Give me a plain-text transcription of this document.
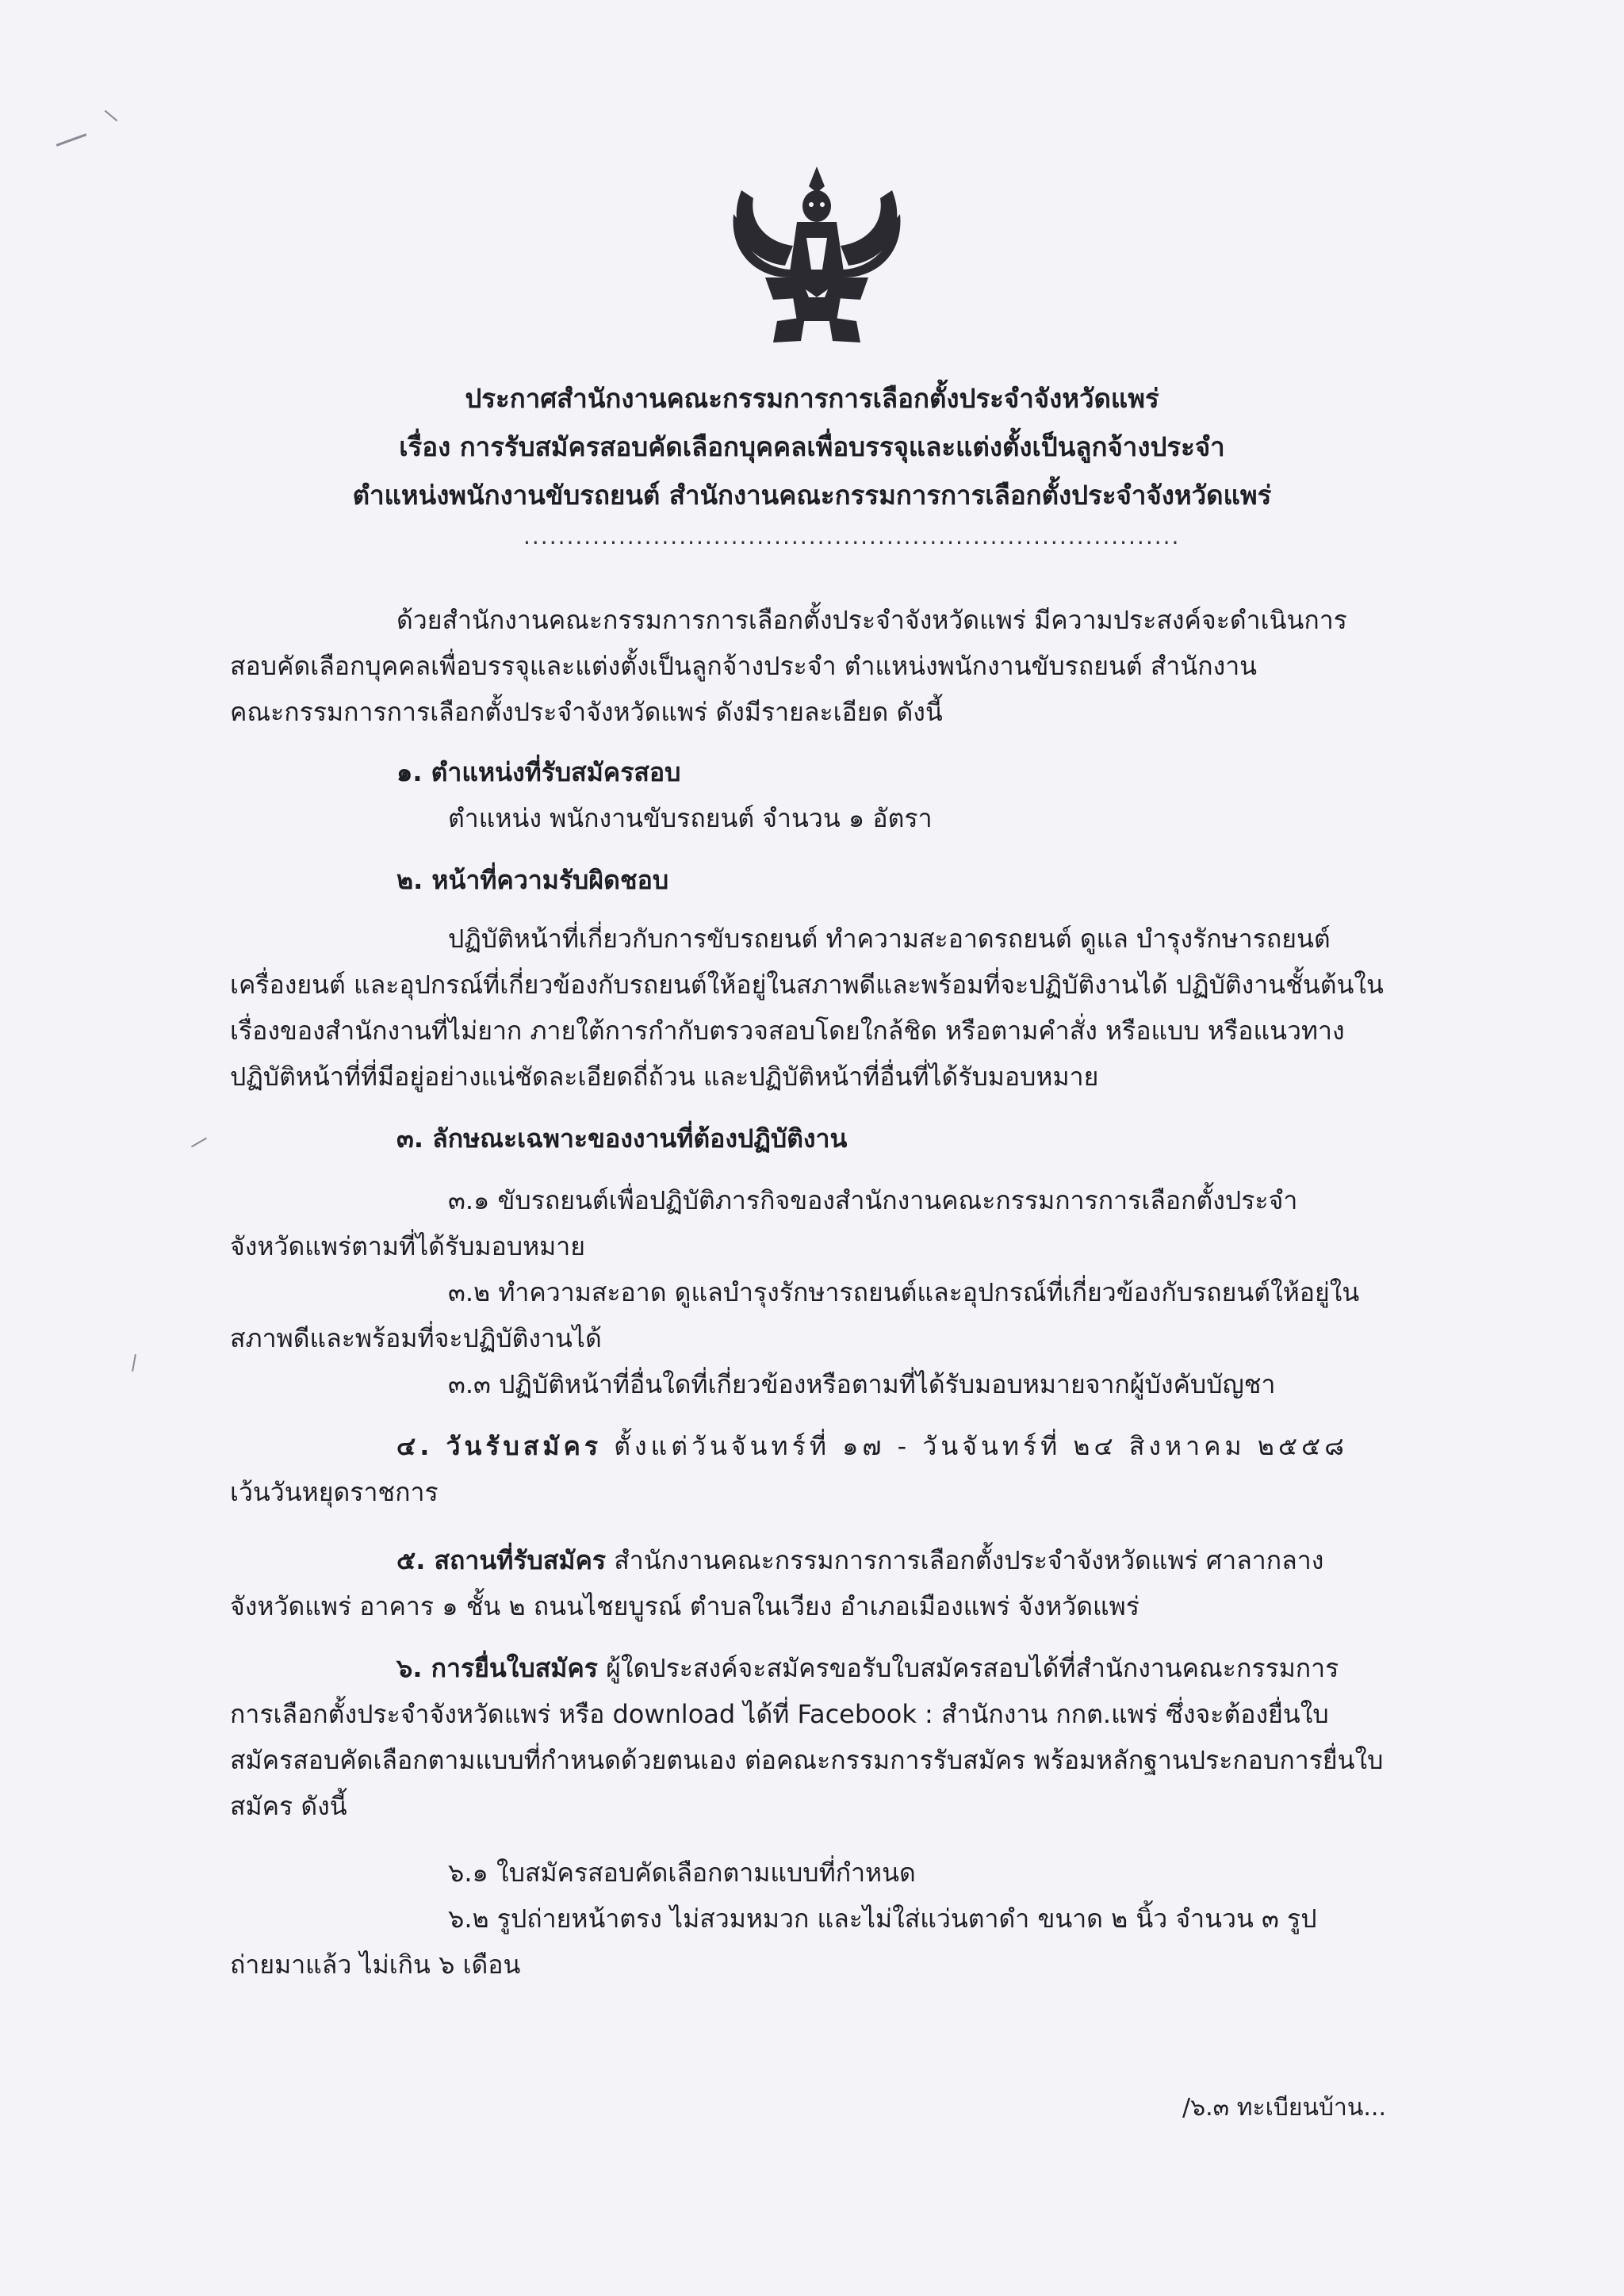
ประกาศสำนักงานคณะกรรมการการเลือกตั้งประจำจังหวัดแพร่
เรื่อง การรับสมัครสอบคัดเลือกบุคคลเพื่อบรรจุและแต่งตั้งเป็นลูกจ้างประจำ
ตำแหน่งพนักงานขับรถยนต์ สำนักงานคณะกรรมการการเลือกตั้งประจำจังหวัดแพร่
............................................................................
ด้วยสำนักงานคณะกรรมการการเลือกตั้งประจำจังหวัดแพร่ มีความประสงค์จะดำเนินการ
สอบคัดเลือกบุคคลเพื่อบรรจุและแต่งตั้งเป็นลูกจ้างประจำ ตำแหน่งพนักงานขับรถยนต์ สำนักงาน
คณะกรรมการการเลือกตั้งประจำจังหวัดแพร่ ดังมีรายละเอียด ดังนี้
๑. ตำแหน่งที่รับสมัครสอบ
ตำแหน่ง พนักงานขับรถยนต์ จำนวน ๑ อัตรา
๒. หน้าที่ความรับผิดชอบ
ปฏิบัติหน้าที่เกี่ยวกับการขับรถยนต์ ทำความสะอาดรถยนต์ ดูแล บำรุงรักษารถยนต์
เครื่องยนต์ และอุปกรณ์ที่เกี่ยวข้องกับรถยนต์ให้อยู่ในสภาพดีและพร้อมที่จะปฏิบัติงานได้ ปฏิบัติงานชั้นต้นใน
เรื่องของสำนักงานที่ไม่ยาก ภายใต้การกำกับตรวจสอบโดยใกล้ชิด หรือตามคำสั่ง หรือแบบ หรือแนวทาง
ปฏิบัติหน้าที่ที่มีอยู่อย่างแน่ชัดละเอียดถี่ถ้วน และปฏิบัติหน้าที่อื่นที่ได้รับมอบหมาย
๓. ลักษณะเฉพาะของงานที่ต้องปฏิบัติงาน
๓.๑ ขับรถยนต์เพื่อปฏิบัติภารกิจของสำนักงานคณะกรรมการการเลือกตั้งประจำ
จังหวัดแพร่ตามที่ได้รับมอบหมาย
๓.๒ ทำความสะอาด ดูแลบำรุงรักษารถยนต์และอุปกรณ์ที่เกี่ยวข้องกับรถยนต์ให้อยู่ใน
สภาพดีและพร้อมที่จะปฏิบัติงานได้
๓.๓ ปฏิบัติหน้าที่อื่นใดที่เกี่ยวข้องหรือตามที่ได้รับมอบหมายจากผู้บังคับบัญชา
๔. วันรับสมัคร ตั้งแต่วันจันทร์ที่ ๑๗ - วันจันทร์ที่ ๒๔ สิงหาคม ๒๕๕๘
เว้นวันหยุดราชการ
๕. สถานที่รับสมัคร สำนักงานคณะกรรมการการเลือกตั้งประจำจังหวัดแพร่ ศาลากลาง
จังหวัดแพร่ อาคาร ๑ ชั้น ๒ ถนนไชยบูรณ์ ตำบลในเวียง อำเภอเมืองแพร่ จังหวัดแพร่
๖. การยื่นใบสมัคร ผู้ใดประสงค์จะสมัครขอรับใบสมัครสอบได้ที่สำนักงานคณะกรรมการ
การเลือกตั้งประจำจังหวัดแพร่ หรือ download ได้ที่ Facebook : สำนักงาน กกต.แพร่ ซึ่งจะต้องยื่นใบ
สมัครสอบคัดเลือกตามแบบที่กำหนดด้วยตนเอง ต่อคณะกรรมการรับสมัคร พร้อมหลักฐานประกอบการยื่นใบ
สมัคร ดังนี้
๖.๑ ใบสมัครสอบคัดเลือกตามแบบที่กำหนด
๖.๒ รูปถ่ายหน้าตรง ไม่สวมหมวก และไม่ใส่แว่นตาดำ ขนาด ๒ นิ้ว จำนวน ๓ รูป
ถ่ายมาแล้ว ไม่เกิน ๖ เดือน
/๖.๓ ทะเบียนบ้าน...
